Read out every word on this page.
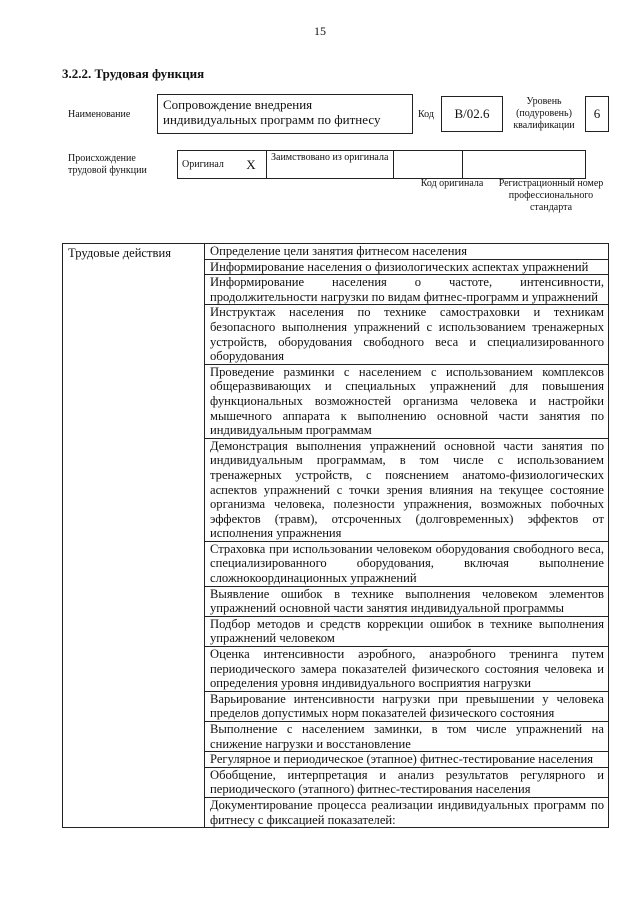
15
3.2.2. Трудовая функция
Наименование
Сопровождение внедрения индивидуальных программ по фитнесу	Код	B/02.6
Уровень (подуровень) квалификации
6
Происхождение трудовой функции
Оригинал	X	Заимствовано из оригинала		
Код оригинала	Регистрационный номер профессионального стандарта
Трудовые действия	Определение цели занятия фитнесом населения
Информирование населения о физиологических аспектах упражнений
Информирование населения о частоте, интенсивности, продолжительности нагрузки по видам фитнес-программ и упражнений
Инструктаж населения по технике самостраховки и техникам безопасного выполнения упражнений с использованием тренажерных устройств, оборудования свободного веса и специализированного оборудования
Проведение разминки с населением с использованием комплексов общеразвивающих и специальных упражнений для повышения функциональных возможностей организма человека и настройки мышечного аппарата к выполнению основной части занятия по индивидуальным программам
Демонстрация выполнения упражнений основной части занятия по индивидуальным программам, в том числе с использованием тренажерных устройств, с пояснением анатомо-физиологических аспектов упражнений с точки зрения влияния на текущее состояние организма человека, полезности упражнения, возможных побочных эффектов (травм), отсроченных (долговременных) эффектов от исполнения упражнения
Страховка при использовании человеком оборудования свободного веса, специализированного оборудования, включая выполнение сложнокоординационных упражнений
Выявление ошибок в технике выполнения человеком элементов упражнений основной части занятия индивидуальной программы
Подбор методов и средств коррекции ошибок в технике выполнения упражнений человеком
Оценка интенсивности аэробного, анаэробного тренинга путем периодического замера показателей физического состояния человека и определения уровня индивидуального восприятия нагрузки
Варьирование интенсивности нагрузки при превышении у человека пределов допустимых норм показателей физического состояния
Выполнение с населением заминки, в том числе упражнений на снижение нагрузки и восстановление
Регулярное и периодическое (этапное) фитнес-тестирование населения
Обобщение, интерпретация и анализ результатов регулярного и периодического (этапного) фитнес-тестирования населения
Документирование процесса реализации индивидуальных программ по фитнесу с фиксацией показателей:
